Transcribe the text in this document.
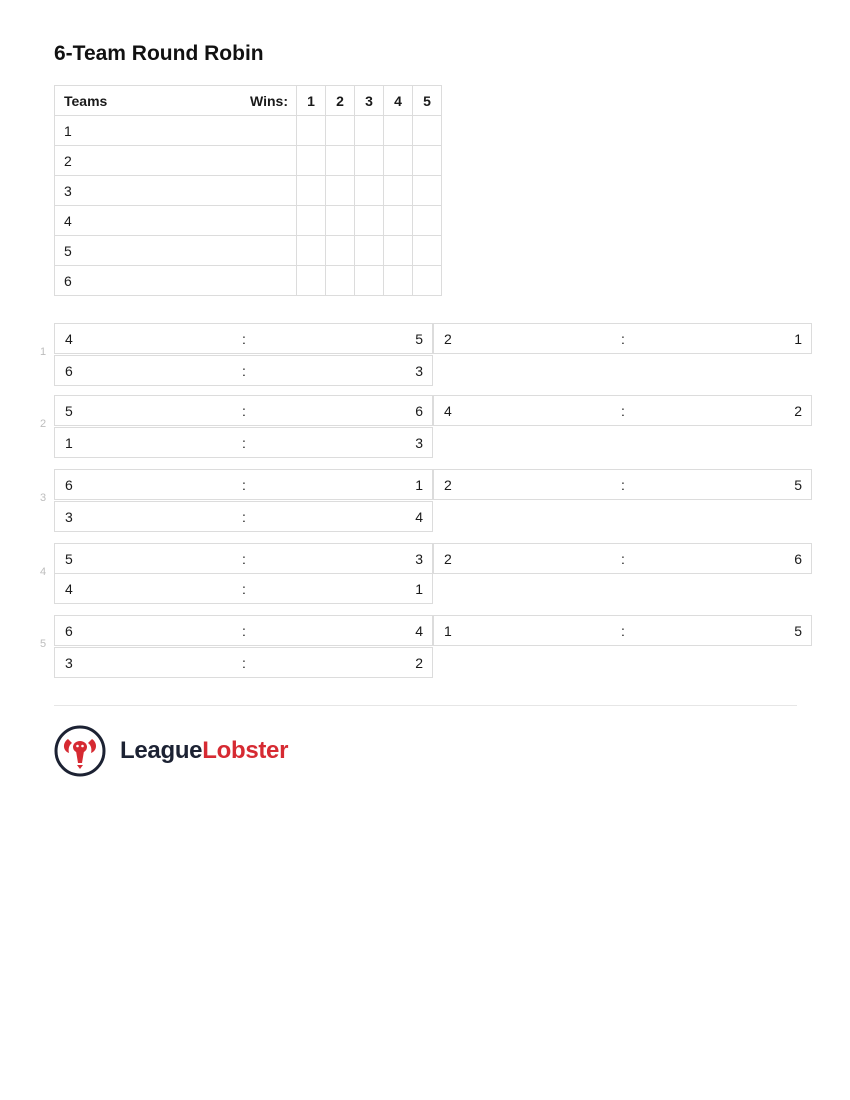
6-Team Round Robin
Teams Wins:	1	2	3	4	5
1					
2					
3					
4					
5					
6					
1
4	:	5 2	:	1
6	:	3
2
5	:	6 4	:	2
1	:	3
3
6	:	1 2	:	5
3	:	4
4
5	:	3 2	:	6
4	:	1
5
6	:	4 1	:	5
3	:	2
LeagueLobster
